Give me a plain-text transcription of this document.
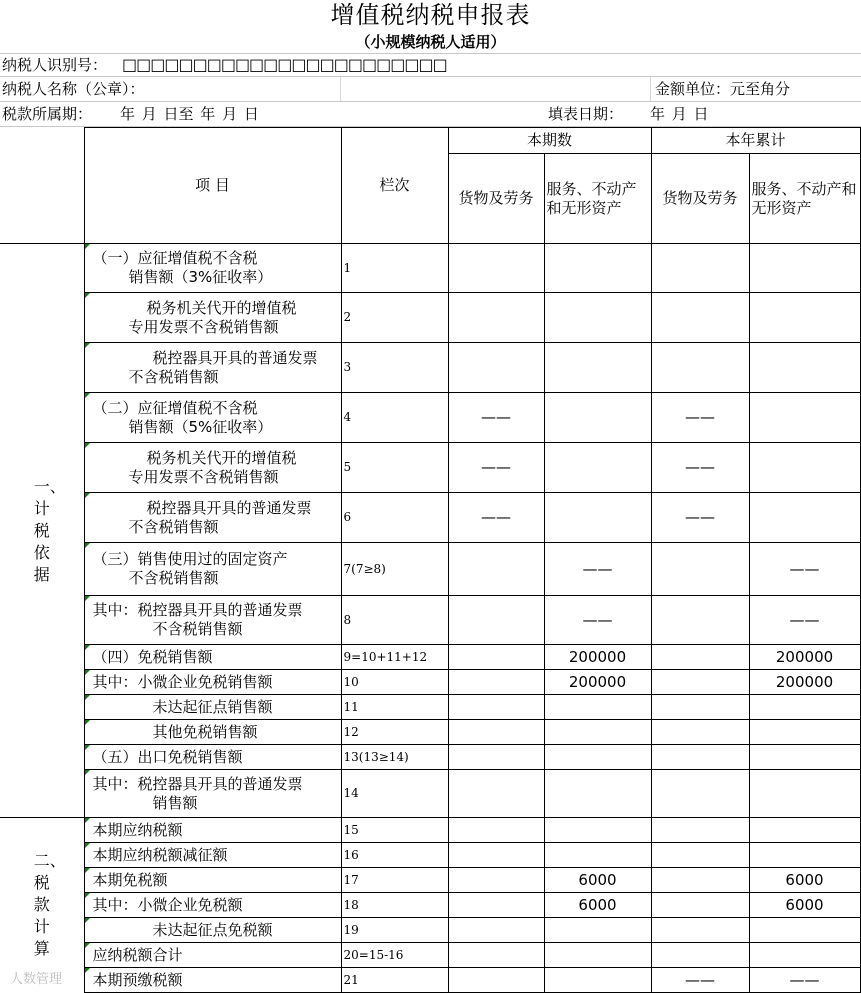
增值税纳税申报表
（小规模纳税人适用）
纳税人识别号： □□□□□□□□□□□□□□□□□□□□□□□
纳税人名称（公章）：	金额单位：元至角分
税款所属期： 年 月 日至 年 月 日	填表日期： 年 月 日
	项 目	栏次	本期数		本年累计	
			货物及劳务	服务、不动产和无形资产	货物及劳务	服务、不动产和无形资产
一、计税依据	（一）应征增值税不含税
销售额（3%征收率）	1				

	税务机关代开的增值税
专用发票不含税销售额	2				

	税控器具开具的普通发票
不含税销售额	3				

	（二）应征增值税不含税
销售额（5%征收率）	4	——		——	

	税务机关代开的增值税
专用发票不含税销售额	5	——		——	

	税控器具开具的普通发票
不含税销售额	6	——		——	

	（三）销售使用过的固定资产
不含税销售额	7(7≥8)		——		——

	其中：税控器具开具的普通发票
不含税销售额	8		——		——

	（四）免税销售额	9=10+11+12		200000		200000

	其中：小微企业免税销售额	10		200000		200000

	未达起征点销售额	11				

	其他免税销售额	12				

	（五）出口免税销售额	13(13≥14)				

	其中：税控器具开具的普通发票
销售额	14				
二、税款计算	本期应纳税额	15				

	本期应纳税额减征额	16				

	本期免税额	17		6000		6000

	其中：小微企业免税额	18		6000		6000

	未达起征点免税额	19				

	应纳税额合计	20=15-16				

	本期预缴税额	21			——	——
人数管理
